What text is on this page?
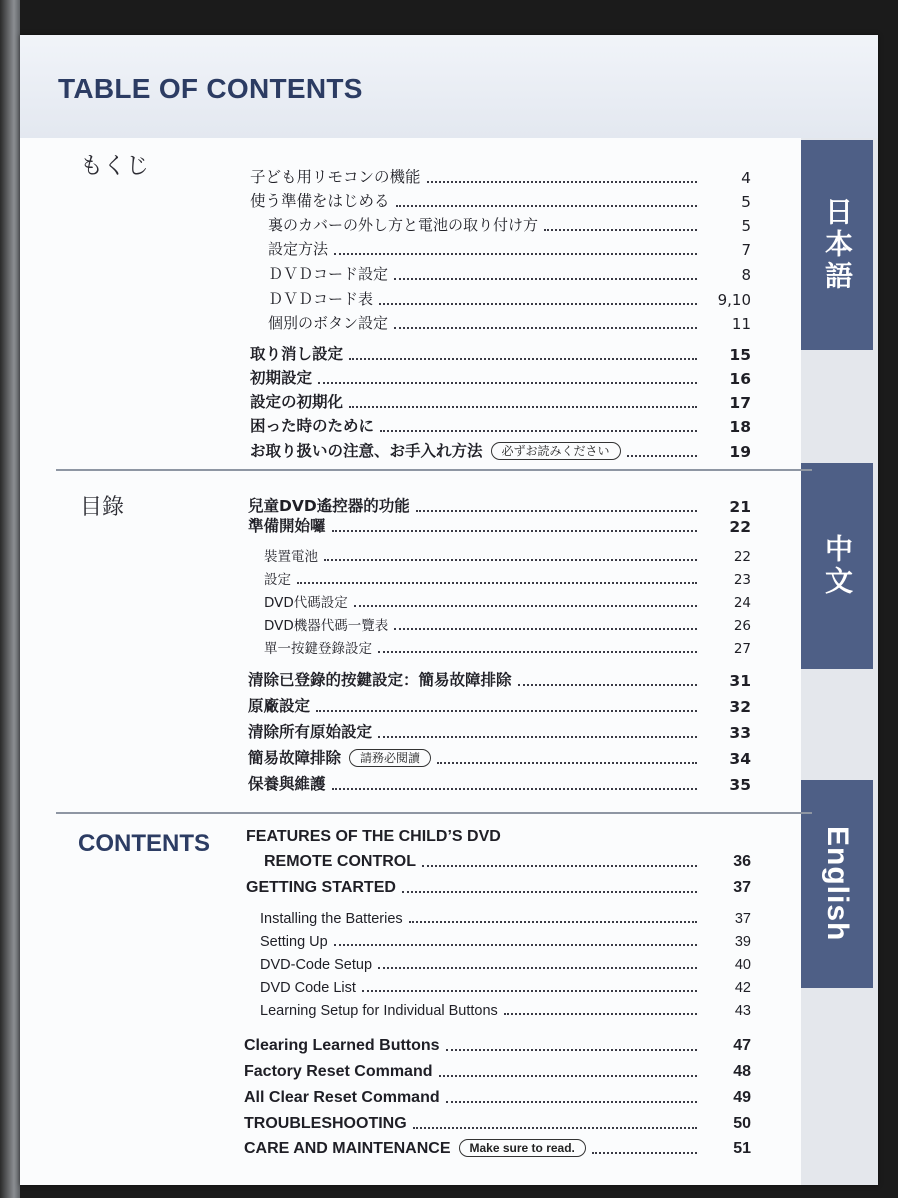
TABLE OF CONTENTS
日本語
中文
English
もくじ
目錄
CONTENTS
子ども用リモコンの機能	4
使う準備をはじめる	5
裏のカバーの外し方と電池の取り付け方	5
設定方法	7
ＤＶＤコード設定	8
ＤＶＤコード表	9,10
個別のボタン設定	11
取り消し設定	15
初期設定	16
設定の初期化	17
困った時のために	18
お取り扱いの注意、お手入れ方法	必ずお読みください	19
兒童DVD遙控器的功能	21
準備開始囉	22
裝置電池	22
設定	23
DVD代碼設定	24
DVD機器代碼一覽表	26
單一按鍵登錄設定	27
清除已登錄的按鍵設定：簡易故障排除	31
原廠設定	32
清除所有原始設定	33
簡易故障排除	請務必閱讀	34
保養與維護	35
FEATURES OF THE CHILD’S DVD
REMOTE CONTROL	36
GETTING STARTED	37
Installing the Batteries	37
Setting Up	39
DVD-Code Setup	40
DVD Code List	42
Learning Setup for Individual Buttons	43
Clearing Learned Buttons	47
Factory Reset Command	48
All Clear Reset Command	49
TROUBLESHOOTING	50
CARE AND MAINTENANCE	Make sure to read.	51
